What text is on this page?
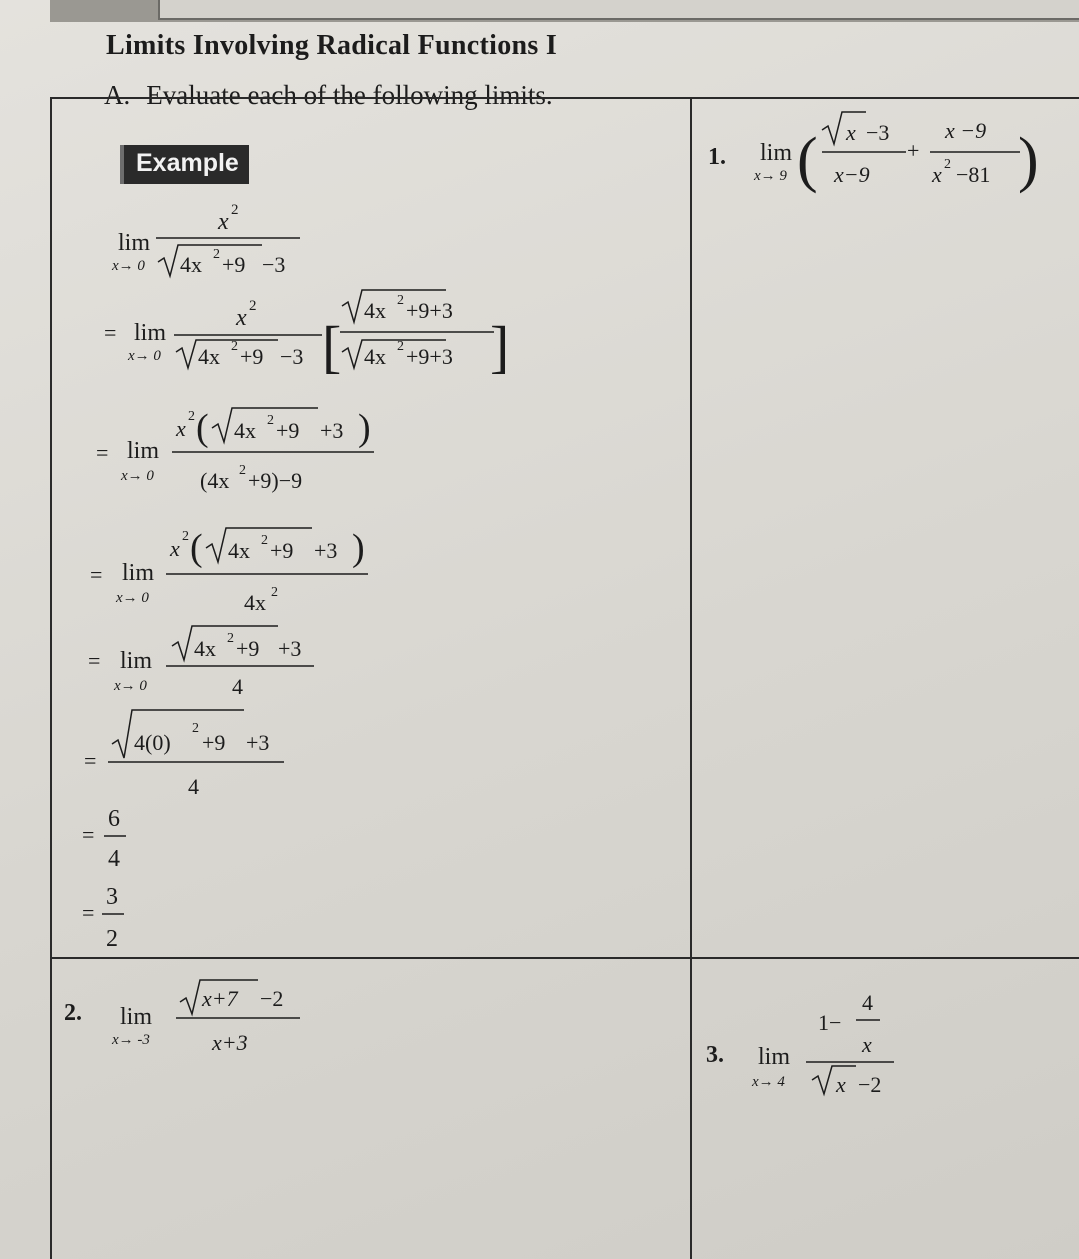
Limits Involving Radical Functions I
A. Evaluate each of the following limits.
Example
lim
x→ 0
x 2
4x 2 +9 −3
= lim
x→ 0
x 2
4x 2 +9 −3 [
4x 2 +9+3
4x 2 +9+3 ]
= lim
x→ 0
x 2 ( 4x 2 +9 +3 )
(4x 2 +9)−9
= lim
x→ 0
x 2 ( 4x 2 +9 +3 )
4x 2
= lim
x→ 0
4x 2 +9 +3
4
=
4(0)
2
+9 +3
4
=
6
4
=
3
2
1. lim
x→ 9 ( x −3
x−9
+
x −9
x 2 −81 )
2. lim
x→ -3
x+7 −2
x+3	3. lim
x→ 4
1−
4
x
x −2
